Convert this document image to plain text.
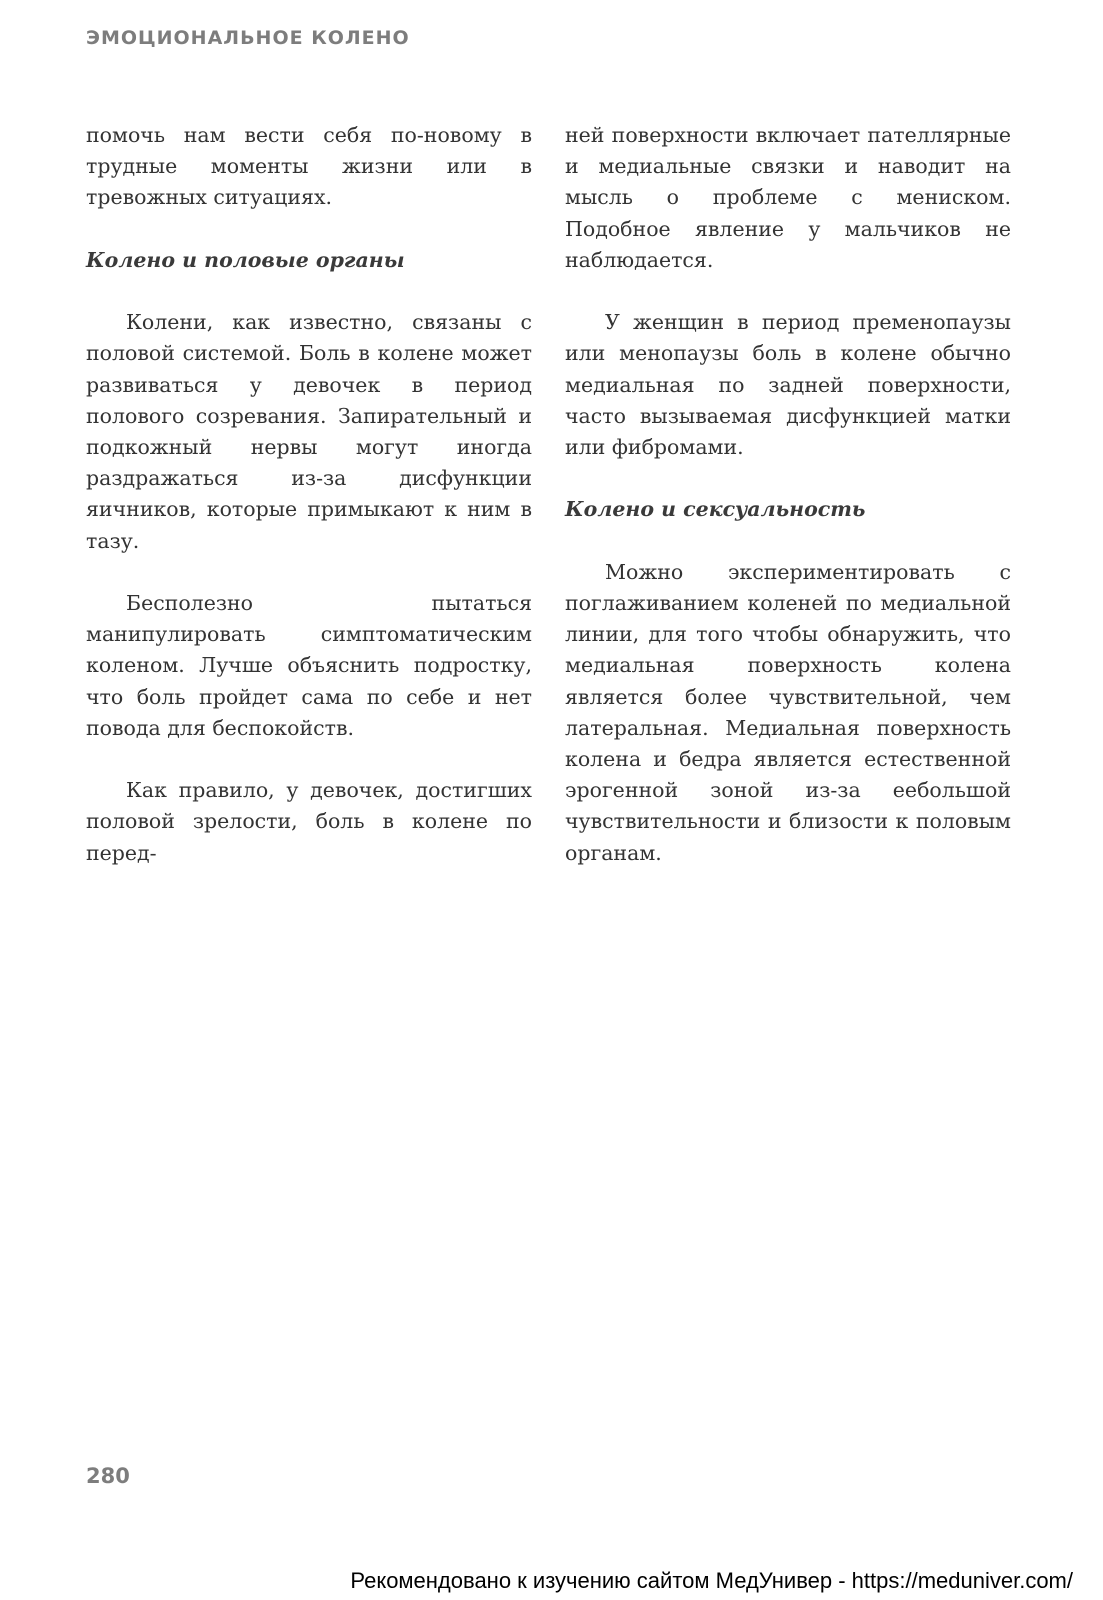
ЭМОЦИОНАЛЬНОЕ КОЛЕНО

помочь нам вести себя по-новому в трудные моменты жизни или в тревожных ситуациях.

Колено и половые органы

Колени, как известно, связаны с половой системой. Боль в колене может развиваться у девочек в период полового созревания. Запирательный и подкожный нервы могут иногда раздражаться из-за дисфункции яичников, которые примыкают к ним в тазу.

Бесполезно пытаться манипулировать симптоматическим коленом. Лучше объяснить подростку, что боль пройдет сама по себе и нет повода для беспокойств.

Как правило, у девочек, достигших половой зрелости, боль в колене по перед-

ней поверхности включает пателлярные и медиальные связки и наводит на мысль о проблеме с мениском. Подобное явление у мальчиков не наблюдается.

У женщин в период пременопаузы или менопаузы боль в колене обычно медиальная по задней поверхности, часто вызываемая дисфункцией матки или фибромами.

Колено и сексуальность

Можно экспериментировать с поглаживанием коленей по медиальной линии, для того чтобы обнаружить, что медиальная поверхность колена является более чувствительной, чем латеральная. Медиальная поверхность колена и бедра является естественной эрогенной зоной из-за еебольшой чувствительности и близости к половым органам.

280
Рекомендовано к изучению сайтом МедУнивер - https://meduniver.com/
